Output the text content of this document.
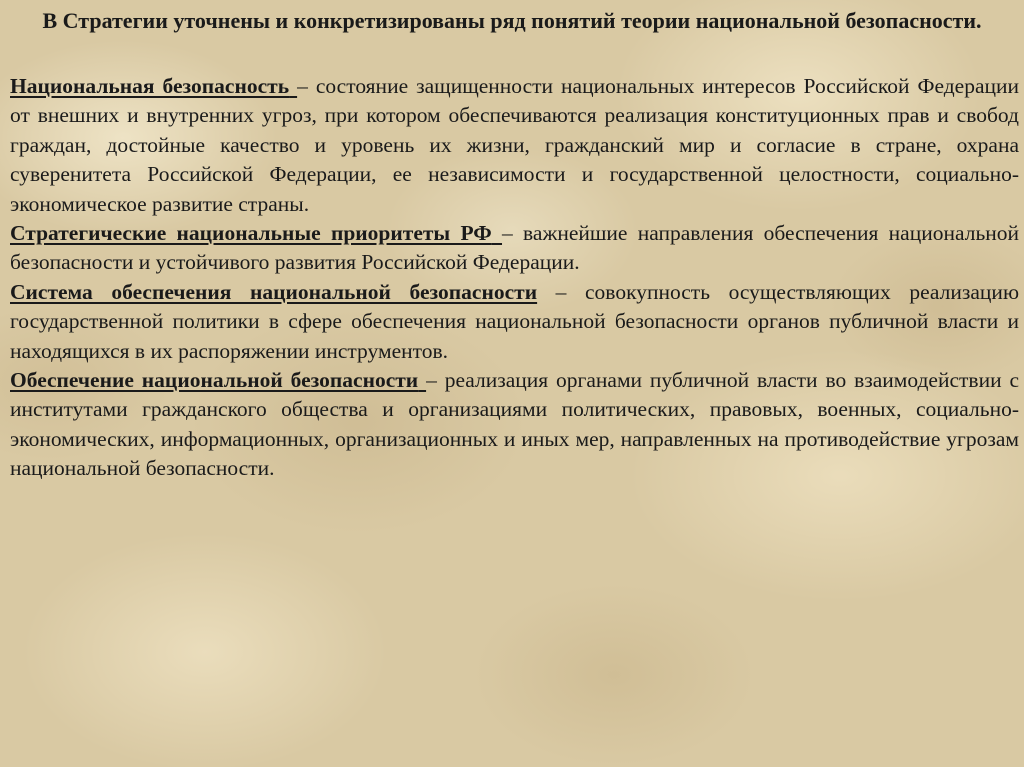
В Стратегии уточнены и конкретизированы ряд понятий теории национальной безопасности.

Национальная безопасность – состояние защищенности национальных интересов Российской Федерации от внешних и внутренних угроз, при котором обеспечиваются реализация конституционных прав и свобод граждан, достойные качество и уровень их жизни, гражданский мир и согласие в стране, охрана суверенитета Российской Федерации, ее независимости и государственной целостности, социально-экономическое развитие страны.

Стратегические национальные приоритеты РФ – важнейшие направления обеспечения национальной безопасности и устойчивого развития Российской Федерации.

Система обеспечения национальной безопасности – совокупность осуществляющих реализацию государственной политики в сфере обеспечения национальной безопасности органов публичной власти и находящихся в их распоряжении инструментов.

Обеспечение национальной безопасности – реализация органами публичной власти во взаимодействии с институтами гражданского общества и организациями политических, правовых, военных, социально-экономических, информационных, организационных и иных мер, направленных на противодействие угрозам национальной безопасности.
